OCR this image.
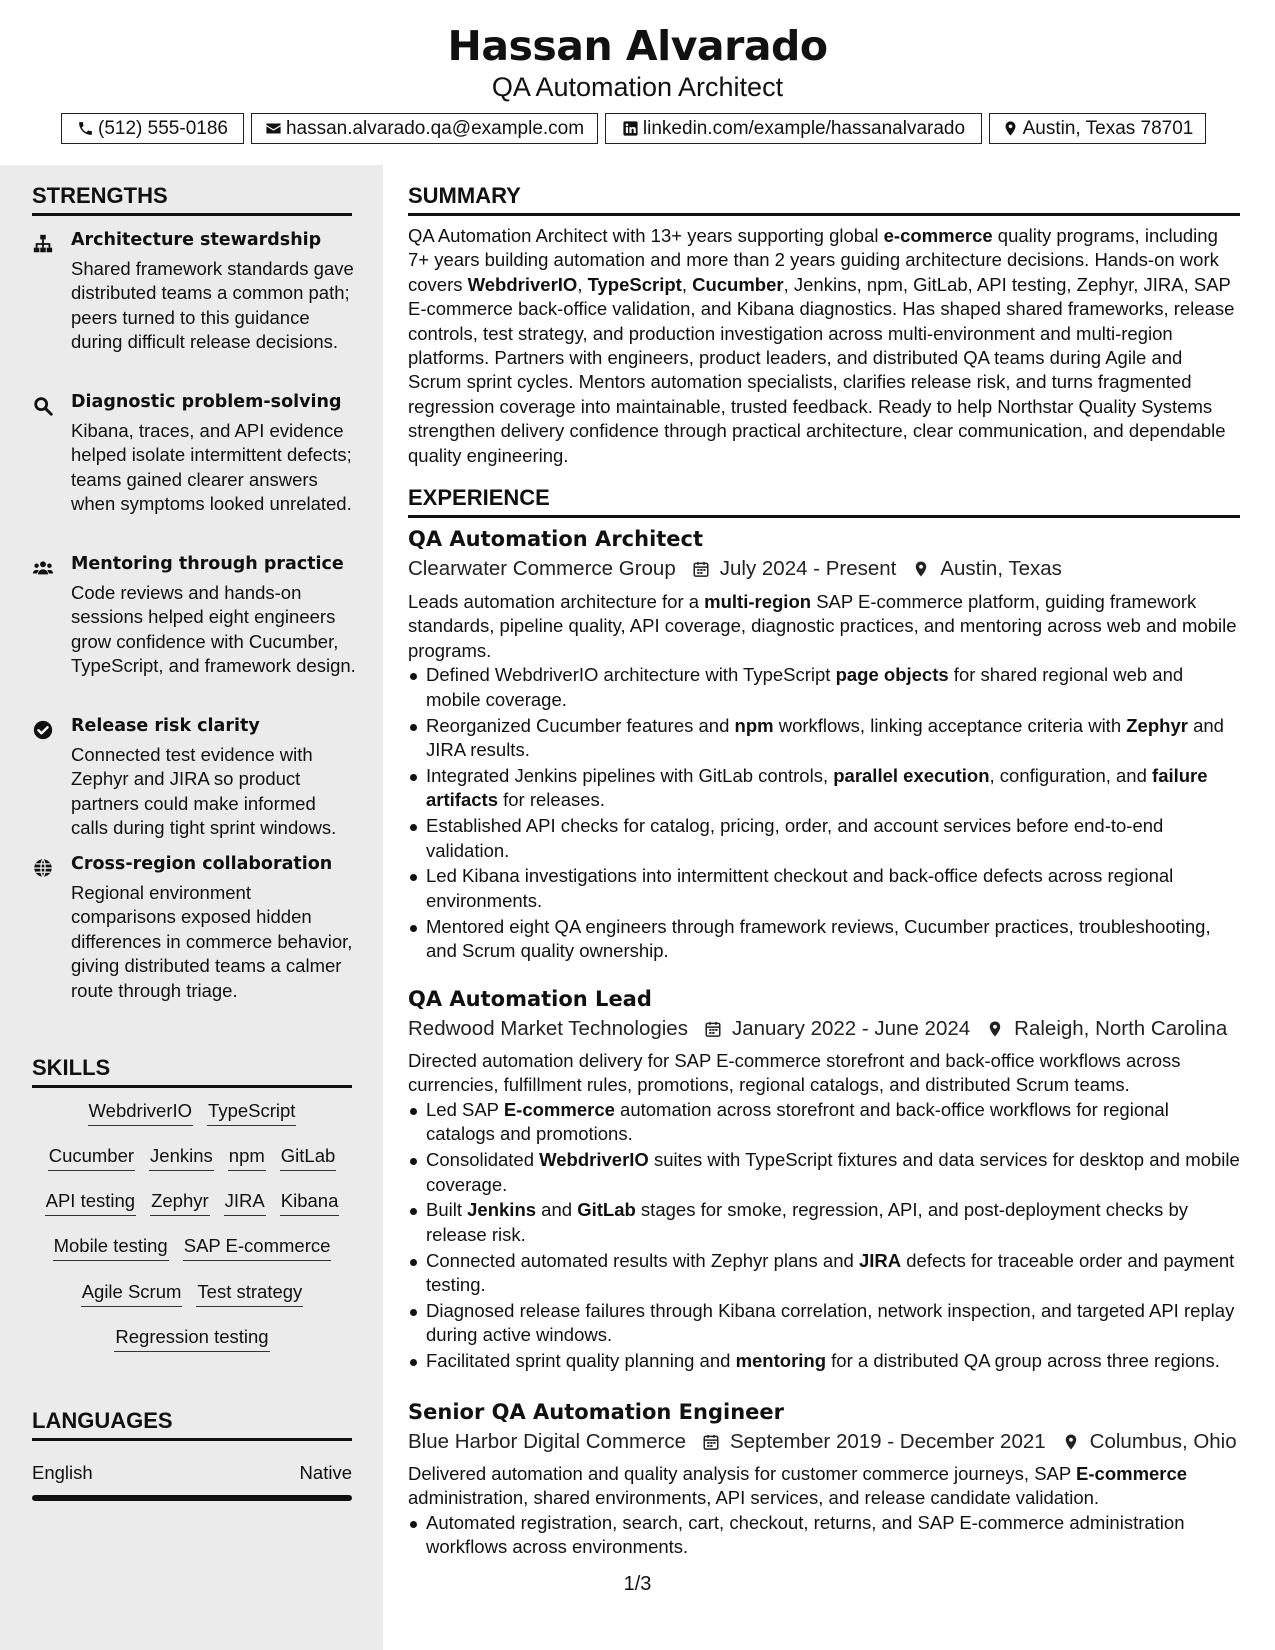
Hassan Alvarado
QA Automation Architect
(512) 555-0186	hassan.alvarado.qa@example.com	linkedin.com/example/hassanalvarado	Austin, Texas 78701
STRENGTHS
Architecture stewardship
Shared framework standards gave distributed teams a common path; peers turned to this guidance during difficult release decisions.
Diagnostic problem-solving
Kibana, traces, and API evidence helped isolate intermittent defects; teams gained clearer answers when symptoms looked unrelated.
Mentoring through practice
Code reviews and hands-on sessions helped eight engineers grow confidence with Cucumber, TypeScript, and framework design.
Release risk clarity
Connected test evidence with Zephyr and JIRA so product partners could make informed calls during tight sprint windows.
Cross-region collaboration
Regional environment comparisons exposed hidden differences in commerce behavior, giving distributed teams a calmer route through triage.
SKILLS
WebdriverIO TypeScript
Cucumber Jenkins npm GitLab
API testing Zephyr JIRA Kibana
Mobile testing SAP E-commerce
Agile Scrum Test strategy
Regression testing
LANGUAGES
English	Native
SUMMARY
QA Automation Architect with 13+ years supporting global e-commerce quality programs, including 7+ years building automation and more than 2 years guiding architecture decisions. Hands-on work covers WebdriverIO, TypeScript, Cucumber, Jenkins, npm, GitLab, API testing, Zephyr, JIRA, SAP E-commerce back-office validation, and Kibana diagnostics. Has shaped shared frameworks, release controls, test strategy, and production investigation across multi-environment and multi-region platforms. Partners with engineers, product leaders, and distributed QA teams during Agile and Scrum sprint cycles. Mentors automation specialists, clarifies release risk, and turns fragmented regression coverage into maintainable, trusted feedback. Ready to help Northstar Quality Systems strengthen delivery confidence through practical architecture, clear communication, and dependable quality engineering.
EXPERIENCE
QA Automation Architect
Clearwater Commerce Group July 2024 - Present Austin, Texas
Leads automation architecture for a multi-region SAP E-commerce platform, guiding framework standards, pipeline quality, API coverage, diagnostic practices, and mentoring across web and mobile programs.
Defined WebdriverIO architecture with TypeScript page objects for shared regional web and mobile coverage.
Reorganized Cucumber features and npm workflows, linking acceptance criteria with Zephyr and JIRA results.
Integrated Jenkins pipelines with GitLab controls, parallel execution, configuration, and failure artifacts for releases.
Established API checks for catalog, pricing, order, and account services before end-to-end validation.
Led Kibana investigations into intermittent checkout and back-office defects across regional environments.
Mentored eight QA engineers through framework reviews, Cucumber practices, troubleshooting, and Scrum quality ownership.
QA Automation Lead
Redwood Market Technologies January 2022 - June 2024 Raleigh, North Carolina
Directed automation delivery for SAP E-commerce storefront and back-office workflows across currencies, fulfillment rules, promotions, regional catalogs, and distributed Scrum teams.
Led SAP E-commerce automation across storefront and back-office workflows for regional catalogs and promotions.
Consolidated WebdriverIO suites with TypeScript fixtures and data services for desktop and mobile coverage.
Built Jenkins and GitLab stages for smoke, regression, API, and post-deployment checks by release risk.
Connected automated results with Zephyr plans and JIRA defects for traceable order and payment testing.
Diagnosed release failures through Kibana correlation, network inspection, and targeted API replay during active windows.
Facilitated sprint quality planning and mentoring for a distributed QA group across three regions.
Senior QA Automation Engineer
Blue Harbor Digital Commerce September 2019 - December 2021 Columbus, Ohio
Delivered automation and quality analysis for customer commerce journeys, SAP E-commerce administration, shared environments, API services, and release candidate validation.
Automated registration, search, cart, checkout, returns, and SAP E-commerce administration workflows across environments.
1/3
